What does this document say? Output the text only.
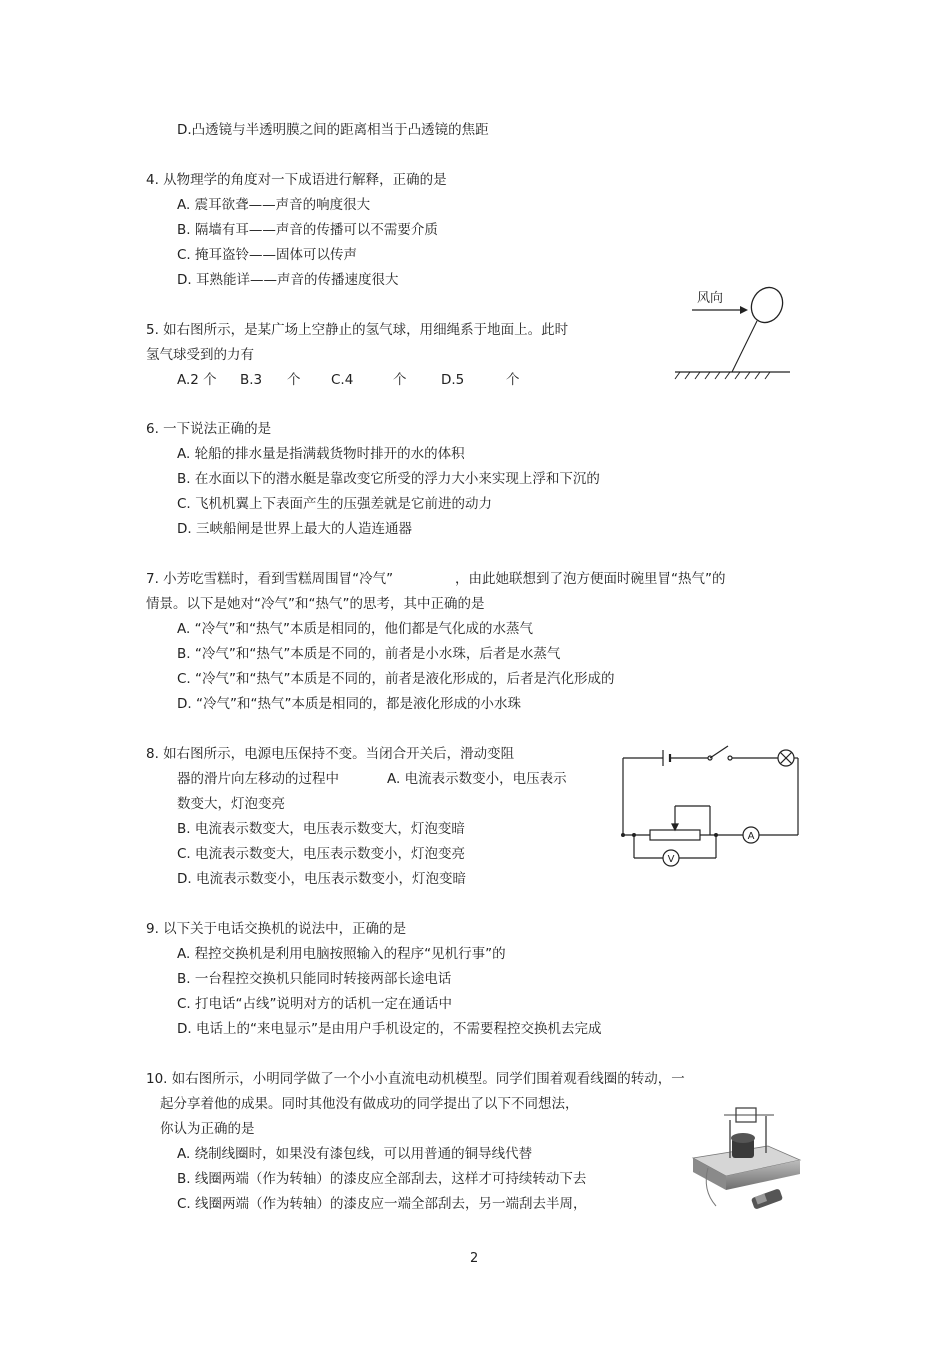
D.凸透镜与半透明膜之间的距离相当于凸透镜的焦距
4. 从物理学的角度对一下成语进行解释，正确的是
A. 震耳欲聋——声音的响度很大
B. 隔墙有耳——声音的传播可以不需要介质
C. 掩耳盗铃——固体可以传声
D. 耳熟能详——声音的传播速度很大
5. 如右图所示，是某广场上空静止的氢气球，用细绳系于地面上。此时
氢气球受到的力有
A.2 个 B.3 个 C.4	个	D.5	个
风向
6. 一下说法正确的是
A. 轮船的排水量是指满载货物时排开的水的体积
B. 在水面以下的潜水艇是靠改变它所受的浮力大小来实现上浮和下沉的
C. 飞机机翼上下表面产生的压强差就是它前进的动力
D. 三峡船闸是世界上最大的人造连通器
7. 小芳吃雪糕时，看到雪糕周围冒“冷气”	，由此她联想到了泡方便面时碗里冒“热气”的
情景。以下是她对“冷气”和“热气”的思考，其中正确的是
A. “冷气”和“热气”本质是相同的，他们都是气化成的水蒸气
B. “冷气”和“热气”本质是不同的，前者是小水珠，后者是水蒸气
C. “冷气”和“热气”本质是不同的，前者是液化形成的，后者是汽化形成的
D. “冷气”和“热气”本质是相同的，都是液化形成的小水珠
8. 如右图所示，电源电压保持不变。当闭合开关后，滑动变阻
器的滑片向左移动的过程中	A. 电流表示数变小，电压表示
数变大，灯泡变亮
B. 电流表示数变大，电压表示数变大，灯泡变暗
C. 电流表示数变大，电压表示数变小，灯泡变亮
D. 电流表示数变小，电压表示数变小，灯泡变暗
A
V
9. 以下关于电话交换机的说法中，正确的是
A. 程控交换机是利用电脑按照输入的程序“见机行事”的
B. 一台程控交换机只能同时转接两部长途电话
C. 打电话“占线”说明对方的话机一定在通话中
D. 电话上的“来电显示”是由用户手机设定的，不需要程控交换机去完成
10. 如右图所示，小明同学做了一个小小直流电动机模型。同学们围着观看线圈的转动，一
起分享着他的成果。同时其他没有做成功的同学提出了以下不同想法，
你认为正确的是
A. 绕制线圈时，如果没有漆包线，可以用普通的铜导线代替
B. 线圈两端（作为转轴）的漆皮应全部刮去，这样才可持续转动下去
C. 线圈两端（作为转轴）的漆皮应一端全部刮去，另一端刮去半周，
2
